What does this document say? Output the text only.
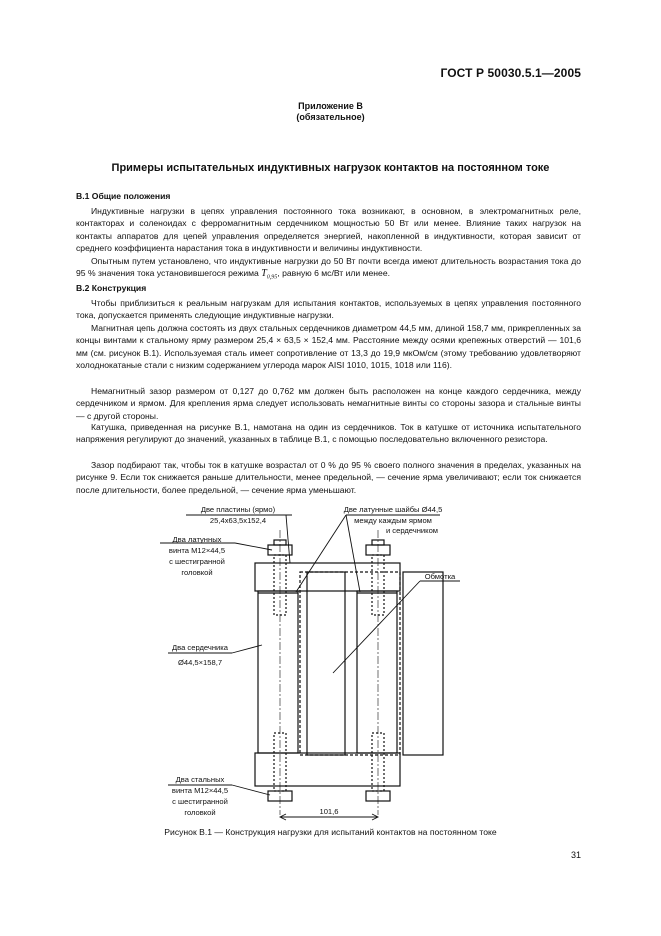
ГОСТ Р 50030.5.1—2005
Приложение В
(обязательное)
Примеры испытательных индуктивных нагрузок контактов на постоянном токе
В.1 Общие положения

Индуктивные нагрузки в цепях управления постоянного тока возникают, в основном, в электромагнитных реле, контакторах и соленоидах с ферромагнитным сердечником мощностью 50 Вт или менее. Влияние таких нагрузок на контакты аппаратов для цепей управления определяется энергией, накопленной в индуктивности, которая зависит от среднего коэффициента нарастания тока в индуктивности и величины индуктивности.

Опытным путем установлено, что индуктивные нагрузки до 50 Вт почти всегда имеют длительность возрастания тока до 95 % значения тока установившегося режима $T_{0,95}$, равную 6 мс/Вт или менее.

В.2 Конструкция

Чтобы приблизиться к реальным нагрузкам для испытания контактов, используемых в цепях управления постоянного тока, допускается применять следующие индуктивные нагрузки.

Магнитная цепь должна состоять из двух стальных сердечников диаметром 44,5 мм, длиной 158,7 мм, прикрепленных за концы винтами к стальному ярму размером 25,4 × 63,5 × 152,4 мм. Расстояние между осями крепежных отверстий — 101,6 мм (см. рисунок В.1). Используемая сталь имеет сопротивление от 13,3 до 19,9 мкОм/см (этому требованию удовлетворяют холоднокатаные стали с низким содержанием углерода марок AISI 1010, 1015, 1018 или 116).

Немагнитный зазор размером от 0,127 до 0,762 мм должен быть расположен на конце каждого сердечника, между сердечником и ярмом. Для крепления ярма следует использовать немагнитные винты со стороны зазора и стальные винты — с другой стороны.

Катушка, приведенная на рисунке В.1, намотана на один из сердечников. Ток в катушке от источника испытательного напряжения регулируют до значений, указанных в таблице В.1, с помощью последовательно включенного резистора.

Зазор подбирают так, чтобы ток в катушке возрастал от 0 % до 95 % своего полного значения в пределах, указанных на рисунке 9. Если ток снижается раньше длительности, менее предельной, — сечение ярма увеличивают; если ток снижается после длительности, более предельной, — сечение ярма уменьшают.

Две пластины (ярмо)
25,4х63,5х152,4
Две латунные шайбы Ø44,5
между каждым ярмом
и сердечником
Два латунных
винта М12×44,5
с шестигранной
головкой	Обмотка
Два сердечника
Ø44,5×158,7
Два стальных
винта М12×44,5
с шестигранной
головкой	101,6
Рисунок В.1 — Конструкция нагрузки для испытаний контактов на постоянном токе
31
